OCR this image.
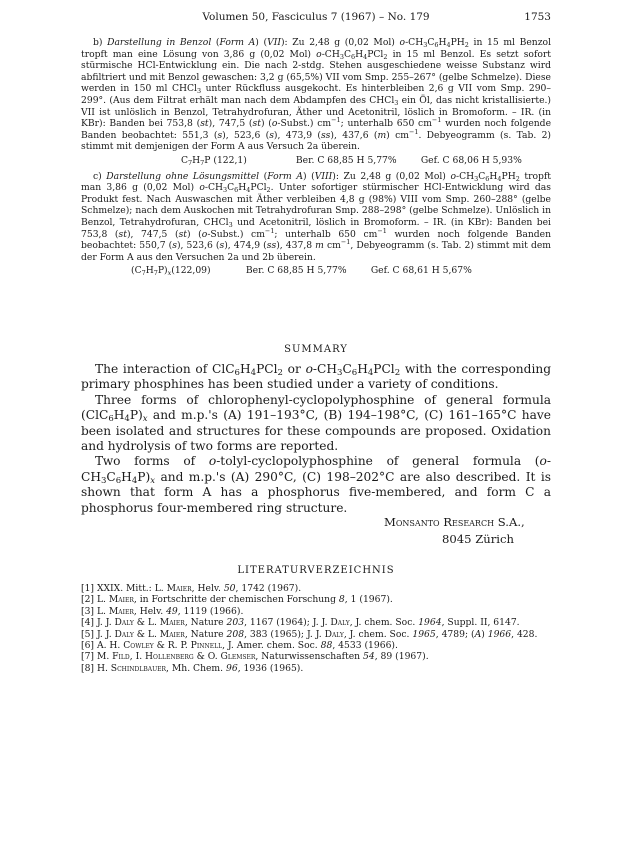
Volumen 50, Fasciculus 7 (1967) – No. 179	1753

b) Darstellung in Benzol (Form A) (VII): Zu 2,48 g (0,02 Mol) $o-CH_3C_6H_4PH_2$ in 15 ml Benzol tropft man eine Lösung von 3,86 g (0,02 Mol) $o-CH_3C_6H_4PCl_2$ in 15 ml Benzol. Es setzt sofort stürmische HCl-Entwicklung ein. Die nach 2-stdg. Stehen ausgeschiedene weisse Substanz wird abfiltriert und mit Benzol gewaschen: 3,2 g (65,5%) VII vom Smp. 255–267° (gelbe Schmelze). Diese werden in 150 ml CHCl$_3$ unter Rückfluss ausgekocht. Es hinterbleiben 2,6 g VII vom Smp. 290–299°. (Aus dem Filtrat erhält man nach dem Abdampfen des CHCl$_3$ ein Öl, das nicht kristallisierte.) VII ist unlöslich in Benzol, Tetrahydrofuran, Äther und Acetonitril, löslich in Bromoform. – IR. (in KBr): Banden bei 753,8 (st), 747,5 (st) (o-Subst.) $cm^{-1}$; unterhalb 650 $cm^{-1}$ wurden noch folgende Banden beobachtet: 551,3 (s), 523,6 (s), 473,9 (ss), 437,6 (m) $cm^{-1}$. Debyeogramm (s. Tab. 2) stimmt mit demjenigen der Form A aus Versuch 2a überein.

$C_7H_7P$ (122,1)	Ber. C 68,85 H 5,77%	Gef. C 68,06 H 5,93%

c) Darstellung ohne Lösungsmittel (Form A) (VIII): Zu 2,48 g (0,02 Mol) $o-CH_3C_6H_4PH_2$ tropft man 3,86 g (0,02 Mol) $o-CH_3C_6H_4PCl_2$. Unter sofortiger stürmischer HCl-Entwicklung wird das Produkt fest. Nach Auswaschen mit Äther verbleiben 4,8 g (98%) VIII vom Smp. 260–288° (gelbe Schmelze); nach dem Auskochen mit Tetrahydrofuran Smp. 288–298° (gelbe Schmelze). Unlöslich in Benzol, Tetrahydrofuran, CHCl$_3$ und Acetonitril, löslich in Bromoform. – IR. (in KBr): Banden bei 753,8 (st), 747,5 (st) (o-Subst.) $cm^{-1}$; unterhalb 650 $cm^{-1}$ wurden noch folgende Banden beobachtet: 550,7 (s), 523,6 (s), 474,9 (ss), 437,8 m $cm^{-1}$, Debyeogramm (s. Tab. 2) stimmt mit dem der Form A aus den Versuchen 2a und 2b überein.

$(C_7H_7P)_x(122,09)$	Ber. C 68,85 H 5,77%	Gef. C 68,61 H 5,67%
SUMMARY

The interaction of $ClC_6H_4PCl_2$ or $o-CH_3C_6H_4PCl_2$ with the corresponding primary phosphines has been studied under a variety of conditions.

Three forms of chlorophenyl-cyclopolyphosphine of general formula $(ClC_6H_4P)_x$ and m.p.'s (A) 191–193°C, (B) 194–198°C, (C) 161–165°C have been isolated and structures for these compounds are proposed. Oxidation and hydrolysis of two forms are reported.

Two forms of o-tolyl-cyclopolyphosphine of general formula $(o-CH_3C_6H_4P)_x$ and m.p.'s (A) 290°C, (C) 198–202°C are also described. It is shown that form A has a phosphorus five-membered, and form C a phosphorus four-membered ring structure.

Monsanto Research S.A.,
8045 Zürich
LITERATURVERZEICHNIS
[1] XXIX. Mitt.: L. Maier, Helv. 50, 1742 (1967).
[2] L. Maier, in Fortschritte der chemischen Forschung 8, 1 (1967).
[3] L. Maier, Helv. 49, 1119 (1966).
[4] J. J. Daly & L. Maier, Nature 203, 1167 (1964); J. J. Daly, J. chem. Soc. 1964, Suppl. II, 6147.
[5] J. J. Daly & L. Maier, Nature 208, 383 (1965); J. J. Daly, J. chem. Soc. 1965, 4789; (A) 1966, 428.
[6] A. H. Cowley & R. P. Pinnell, J. Amer. chem. Soc. 88, 4533 (1966).
[7] M. Fild, I. Hollenberg & O. Glemser, Naturwissenschaften 54, 89 (1967).
[8] H. Schindlbauer, Mh. Chem. 96, 1936 (1965).
